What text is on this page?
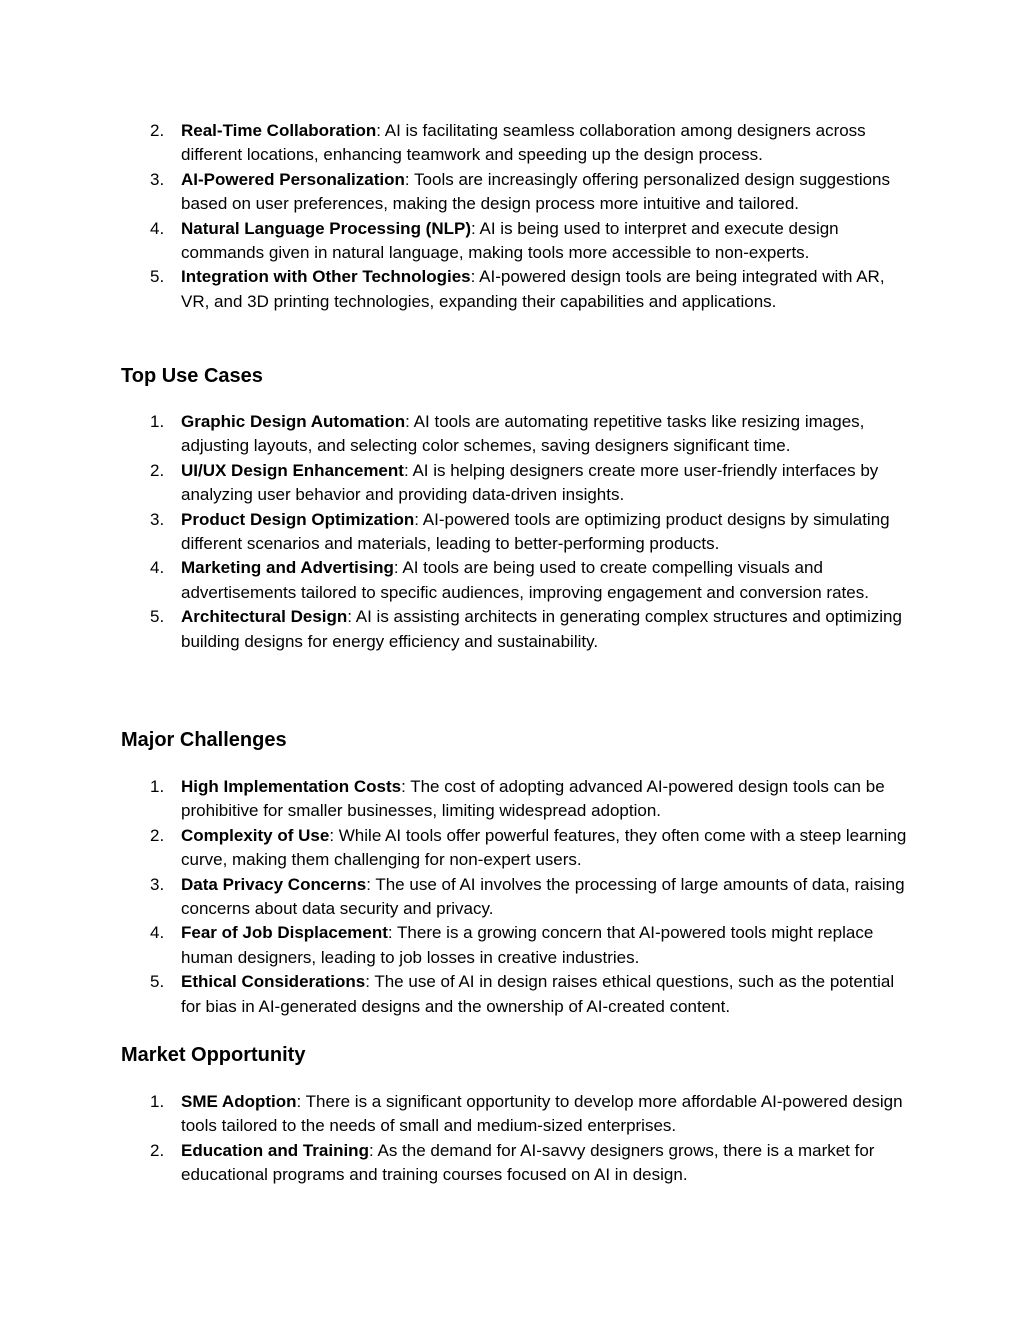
2. Real-Time Collaboration: AI is facilitating seamless collaboration among designers across different locations, enhancing teamwork and speeding up the design process.
3. AI-Powered Personalization: Tools are increasingly offering personalized design suggestions based on user preferences, making the design process more intuitive and tailored.
4. Natural Language Processing (NLP): AI is being used to interpret and execute design commands given in natural language, making tools more accessible to non-experts.
5. Integration with Other Technologies: AI-powered design tools are being integrated with AR, VR, and 3D printing technologies, expanding their capabilities and applications.
Top Use Cases
1. Graphic Design Automation: AI tools are automating repetitive tasks like resizing images, adjusting layouts, and selecting color schemes, saving designers significant time.
2. UI/UX Design Enhancement: AI is helping designers create more user-friendly interfaces by analyzing user behavior and providing data-driven insights.
3. Product Design Optimization: AI-powered tools are optimizing product designs by simulating different scenarios and materials, leading to better-performing products.
4. Marketing and Advertising: AI tools are being used to create compelling visuals and advertisements tailored to specific audiences, improving engagement and conversion rates.
5. Architectural Design: AI is assisting architects in generating complex structures and optimizing building designs for energy efficiency and sustainability.
Major Challenges
1. High Implementation Costs: The cost of adopting advanced AI-powered design tools can be prohibitive for smaller businesses, limiting widespread adoption.
2. Complexity of Use: While AI tools offer powerful features, they often come with a steep learning curve, making them challenging for non-expert users.
3. Data Privacy Concerns: The use of AI involves the processing of large amounts of data, raising concerns about data security and privacy.
4. Fear of Job Displacement: There is a growing concern that AI-powered tools might replace human designers, leading to job losses in creative industries.
5. Ethical Considerations: The use of AI in design raises ethical questions, such as the potential for bias in AI-generated designs and the ownership of AI-created content.
Market Opportunity
1. SME Adoption: There is a significant opportunity to develop more affordable AI-powered design tools tailored to the needs of small and medium-sized enterprises.
2. Education and Training: As the demand for AI-savvy designers grows, there is a market for educational programs and training courses focused on AI in design.
